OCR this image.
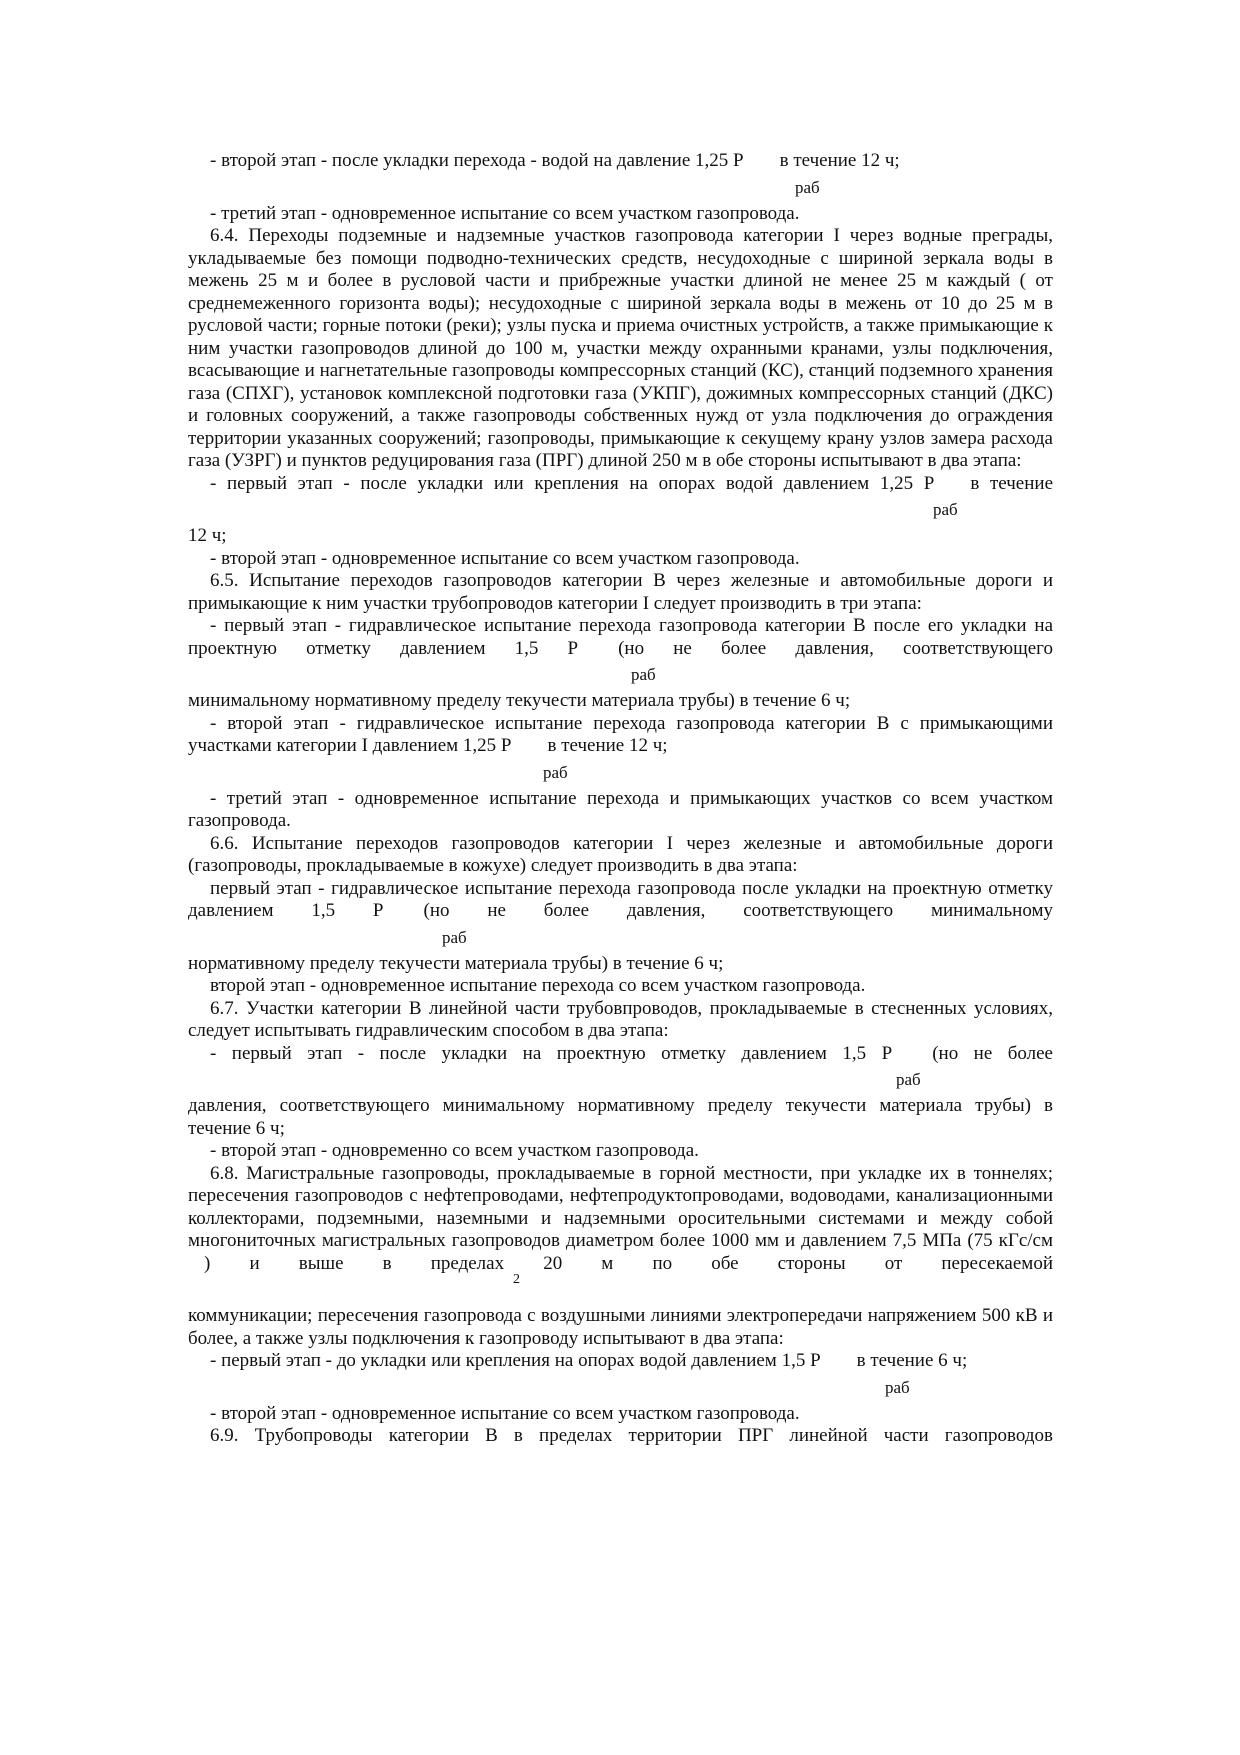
- второй этап - после укладки перехода - водой на давление 1,25 Р в течение 12 ч;

раб

- третий этап - одновременное испытание со всем участком газопровода.

6.4. Переходы подземные и надземные участков газопровода категории I через водные преграды, укладываемые без помощи подводно-технических средств, несудоходные с шириной зеркала воды в межень 25 м и более в русловой части и прибрежные участки длиной не менее 25 м каждый ( от среднемеженного горизонта воды); несудоходные с шириной зеркала воды в межень от 10 до 25 м в русловой части; горные потоки (реки); узлы пуска и приема очистных устройств, а также примыкающие к ним участки газопроводов длиной до 100 м, участки между охранными кранами, узлы подключения, всасывающие и нагнетательные газопроводы компрессорных станций (КС), станций подземного хранения газа (СПХГ), установок комплексной подготовки газа (УКПГ), дожимных компрессорных станций (ДКС) и головных сооружений, а также газопроводы собственных нужд от узла подключения до ограждения территории указанных сооружений; газопроводы, примыкающие к секущему крану узлов замера расхода газа (УЗРГ) и пунктов редуцирования газа (ПРГ) длиной 250 м в обе стороны испытывают в два этапа:

- первый этап - после укладки или крепления на опорах водой давлением 1,25 Р в течение

раб

12 ч;

- второй этап - одновременное испытание со всем участком газопровода.

6.5. Испытание переходов газопроводов категории В через железные и автомобильные дороги и примыкающие к ним участки трубопроводов категории I следует производить в три этапа:

- первый этап - гидравлическое испытание перехода газопровода категории В после его укладки на проектную отметку давлением 1,5 Р (но не более давления, соответствующего

раб

минимальному нормативному пределу текучести материала трубы) в течение 6 ч;

- второй этап - гидравлическое испытание перехода газопровода категории В с примыкающими участками категории I давлением 1,25 Р в течение 12 ч;

раб

- третий этап - одновременное испытание перехода и примыкающих участков со всем участком газопровода.

6.6. Испытание переходов газопроводов категории I через железные и автомобильные дороги (газопроводы, прокладываемые в кожухе) следует производить в два этапа:

первый этап - гидравлическое испытание перехода газопровода после укладки на проектную отметку давлением 1,5 Р (но не более давления, соответствующего минимальному

раб

нормативному пределу текучести материала трубы) в течение 6 ч;

второй этап - одновременное испытание перехода со всем участком газопровода.

6.7. Участки категории В линейной части трубовпроводов, прокладываемые в стесненных условиях, следует испытывать гидравлическим способом в два этапа:

- первый этап - после укладки на проектную отметку давлением 1,5 Р (но не более

раб

давления, соответствующего минимальному нормативному пределу текучести материала трубы) в течение 6 ч;

- второй этап - одновременно со всем участком газопровода.

6.8. Магистральные газопроводы, прокладываемые в горной местности, при укладке их в тоннелях; пересечения газопроводов с нефтепроводами, нефтепродуктопроводами, водоводами, канализационными коллекторами, подземными, наземными и надземными оросительными системами и между собой многониточных магистральных газопроводов диаметром более 1000 мм и давлением 7,5 МПа (75 кГс/см) и выше в пределах 20 м по обе стороны от пересекаемой

2

коммуникации; пересечения газопровода с воздушными линиями электропередачи напряжением 500 кВ и более, а также узлы подключения к газопроводу испытывают в два этапа:

- первый этап - до укладки или крепления на опорах водой давлением 1,5 Р в течение 6 ч;

раб

- второй этап - одновременное испытание со всем участком газопровода.

6.9. Трубопроводы категории В в пределах территории ПРГ линейной части газопроводов
